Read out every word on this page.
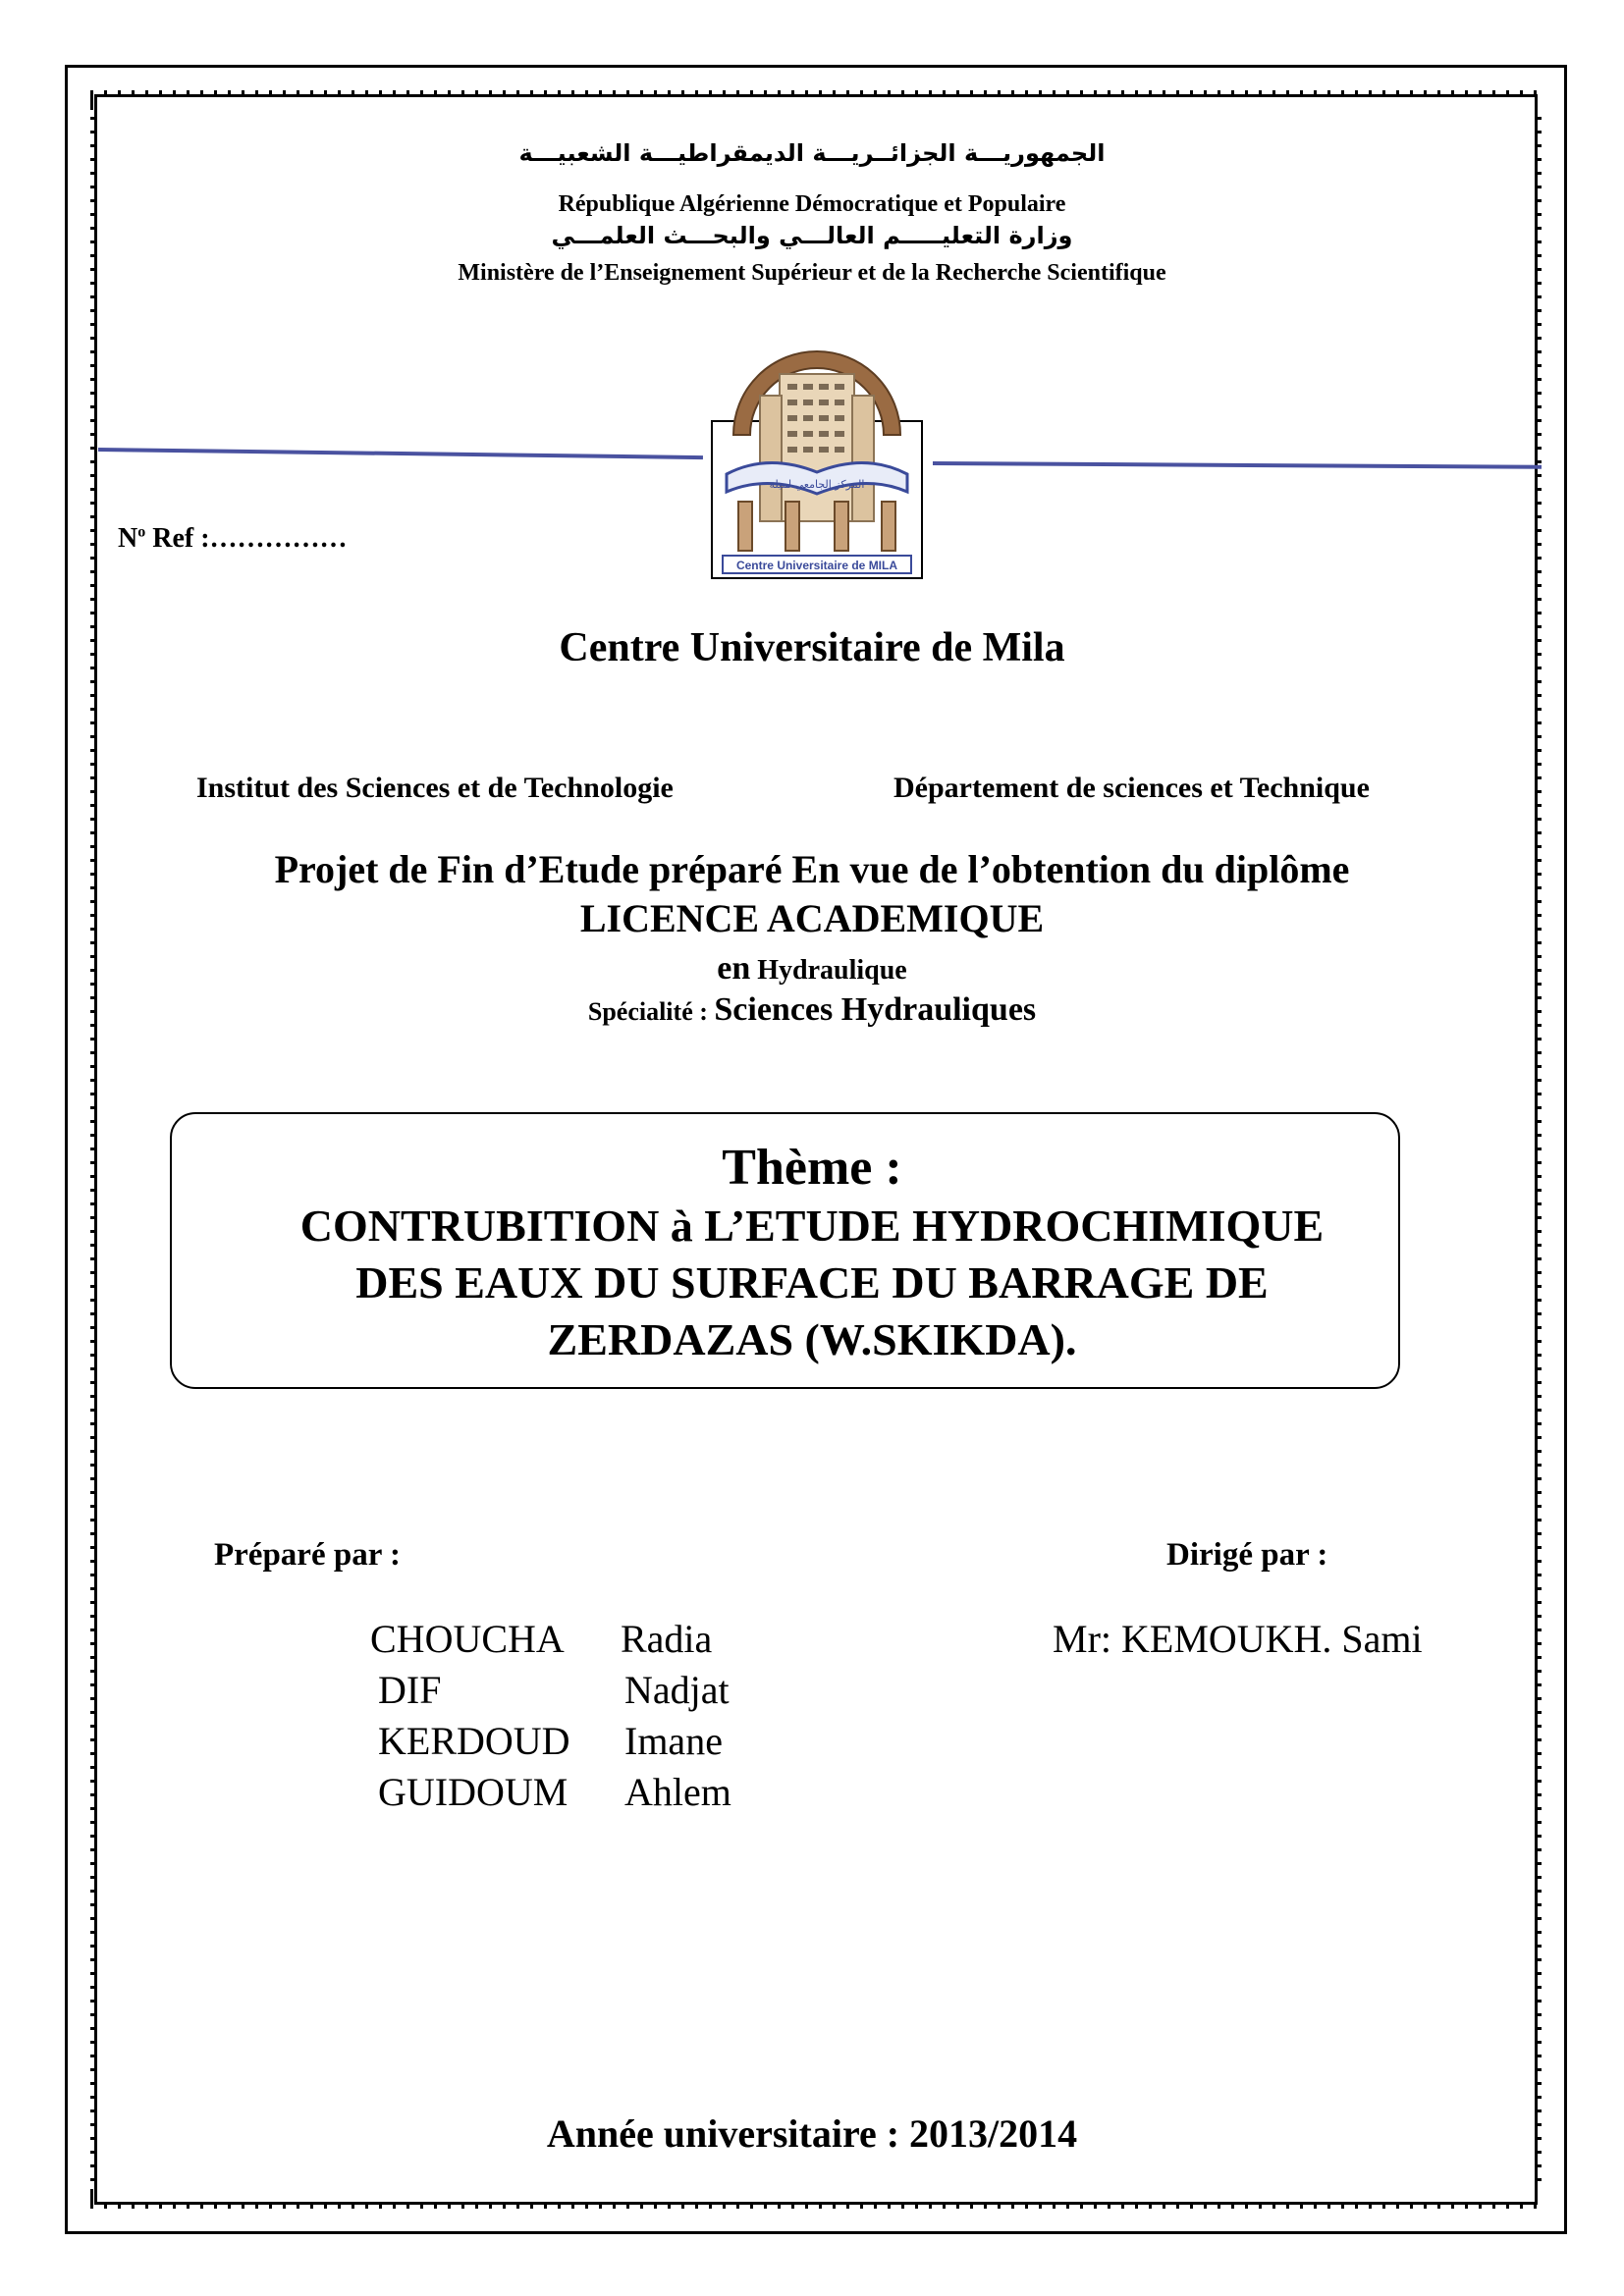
الجمهوريـــة الجزائــريـــة الديمقراطيـــة الشعبيـــة
République Algérienne Démocratique et Populaire
وزارة التعليـــــم العالـــي والبحـــث العلمـــي
Ministère de l’Enseignement Supérieur et de la Recherche Scientifique
المركز الجامعي لميلة
Centre Universitaire de MILA
$N^o$ Ref :……………
Centre Universitaire de Mila
Institut des Sciences et de Technologie	Département de sciences et Technique
Projet de Fin d’Etude préparé En vue de l’obtention du diplôme
LICENCE ACADEMIQUE
en Hydraulique
Spécialité : Sciences Hydrauliques
Thème :
CONTRUBITION à L’ETUDE HYDROCHIMIQUE
DES EAUX DU SURFACE DU BARRAGE DE
ZERDAZAS (W.SKIKDA).
Préparé par :	Dirigé par :
CHOUCHA Radia
DIF	Nadjat
KERDOUD Imane
GUIDOUM Ahlem
Mr: KEMOUKH. Sami
Année universitaire : 2013/2014
